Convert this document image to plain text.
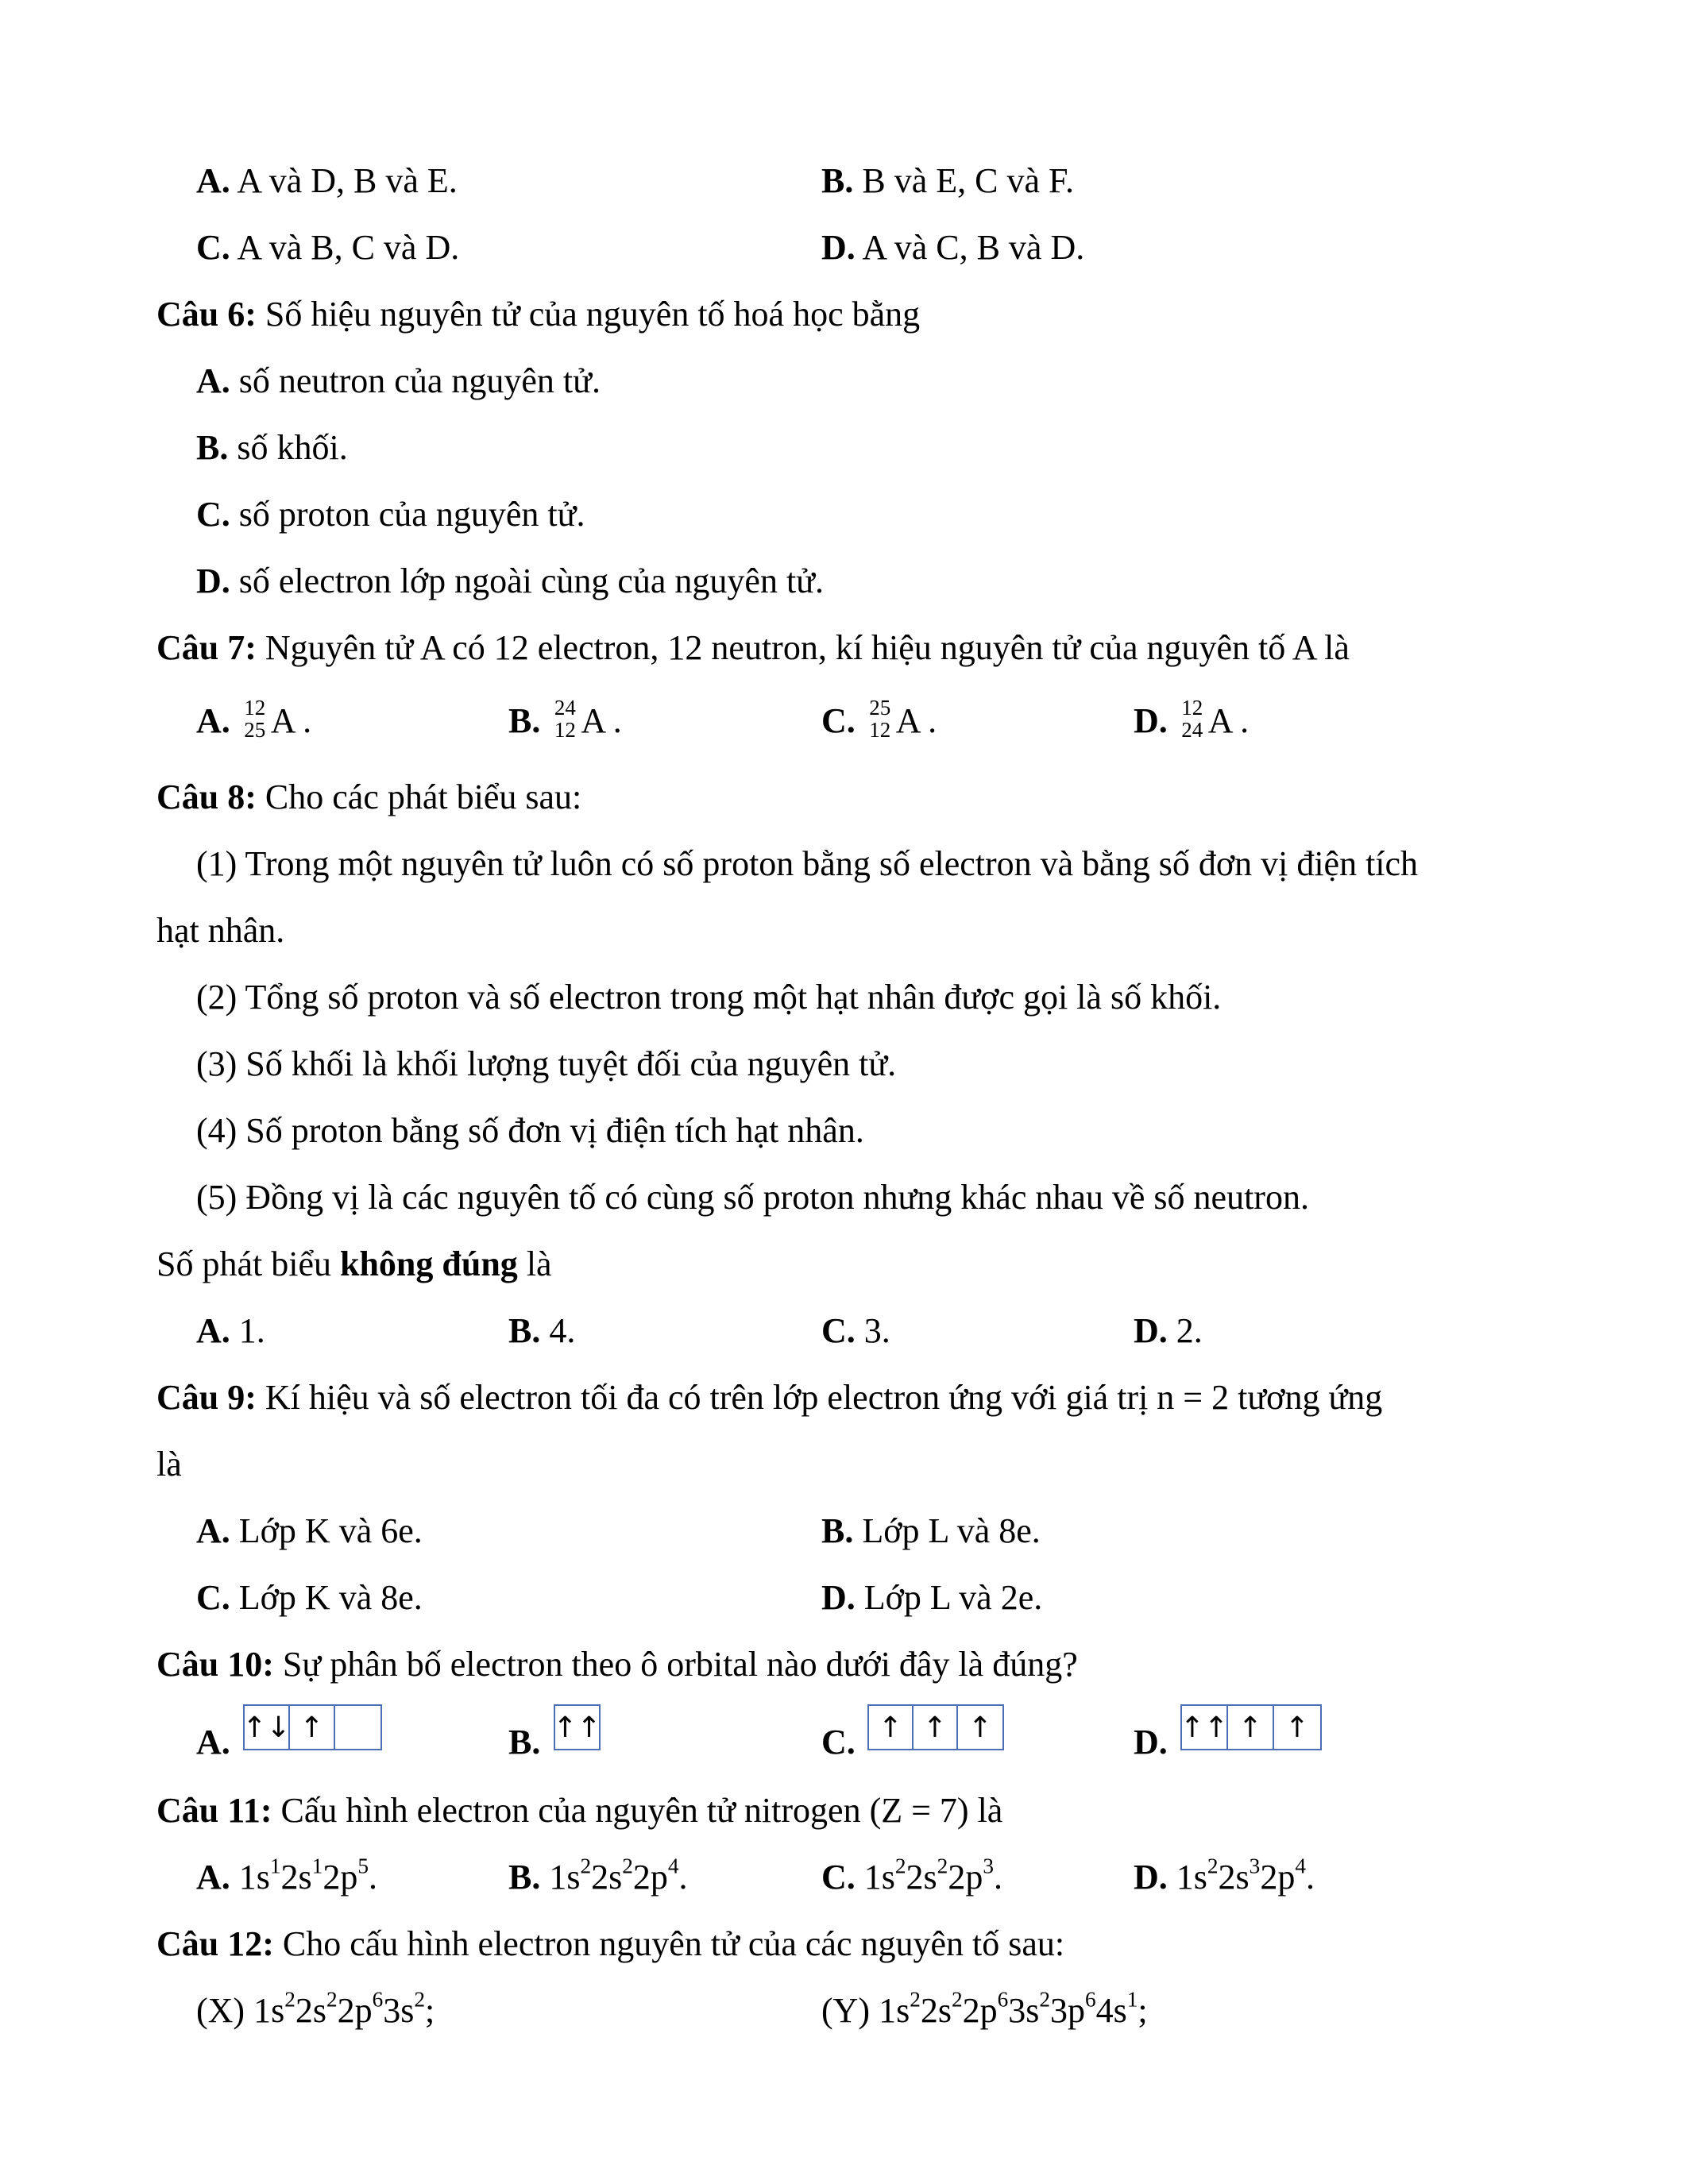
A. A và D, B và E.	B. B và E, C và F.
C. A và B, C và D.	D. A và C, B và D.
Câu 6: Số hiệu nguyên tử của nguyên tố hoá học bằng
A. số neutron của nguyên tử.
B. số khối.
C. số proton của nguyên tử.
D. số electron lớp ngoài cùng của nguyên tử.
Câu 7: Nguyên tử A có 12 electron, 12 neutron, kí hiệu nguyên tử của nguyên tố A là
A. 12
25 A .	B. 24
12 A .	C. 25
12 A .	D. 12
24 A .
Câu 8: Cho các phát biểu sau:
(1) Trong một nguyên tử luôn có số proton bằng số electron và bằng số đơn vị điện tích
hạt nhân.
(2) Tổng số proton và số electron trong một hạt nhân được gọi là số khối.
(3) Số khối là khối lượng tuyệt đối của nguyên tử.
(4) Số proton bằng số đơn vị điện tích hạt nhân.
(5) Đồng vị là các nguyên tố có cùng số proton nhưng khác nhau về số neutron.
Số phát biểu không đúng là
A. 1.	B. 4.	C. 3.	D. 2.
Câu 9: Kí hiệu và số electron tối đa có trên lớp electron ứng với giá trị n = 2 tương ứng
là
A. Lớp K và 6e.	B. Lớp L và 8e.
C. Lớp K và 8e.	D. Lớp L và 2e.
Câu 10: Sự phân bố electron theo ô orbital nào dưới đây là đúng?
A. ↑↓ ↑	B. ↑↑	C. ↑ ↑ ↑	D. ↑↑ ↑ ↑
Câu 11: Cấu hình electron của nguyên tử nitrogen (Z = 7) là
A. $1s^12s^12p^5$.	B. $1s^22s^22p^4$.	C. $1s^22s^22p^3$.	D. $1s^22s^32p^4$.
Câu 12: Cho cấu hình electron nguyên tử của các nguyên tố sau:
(X) $1s^22s^22p^63s^2$;	(Y) $1s^22s^22p^63s^23p^64s^1$;
